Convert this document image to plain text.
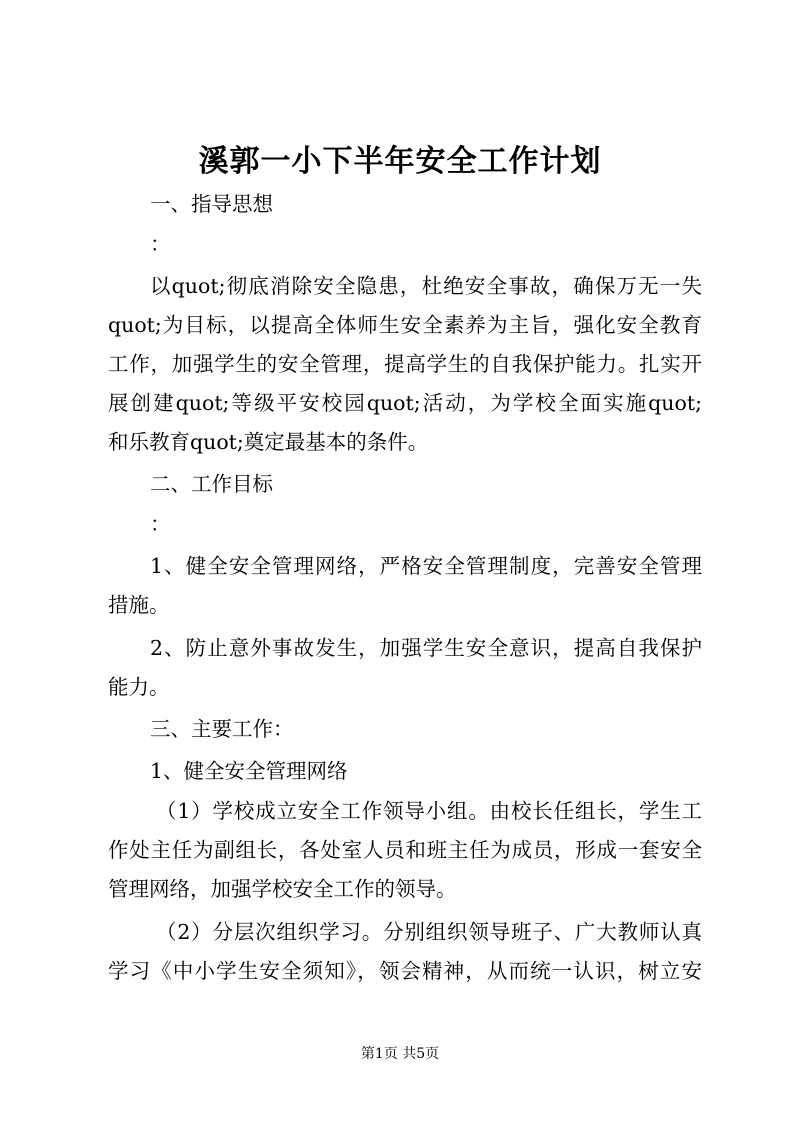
溪郭一小下半年安全工作计划
一、指导思想
：
以quot;彻底消除安全隐患，杜绝安全事故，确保万无一失
quot;为目标，以提高全体师生安全素养为主旨，强化安全教育
工作，加强学生的安全管理，提高学生的自我保护能力。扎实开
展创建quot;等级平安校园quot;活动，为学校全面实施quot;
和乐教育quot;奠定最基本的条件。
二、工作目标
：
1、健全安全管理网络，严格安全管理制度，完善安全管理
措施。
2、防止意外事故发生，加强学生安全意识，提高自我保护
能力。
三、主要工作：
1、健全安全管理网络
（1）学校成立安全工作领导小组。由校长任组长，学生工
作处主任为副组长，各处室人员和班主任为成员，形成一套安全
管理网络，加强学校安全工作的领导。
（2）分层次组织学习。分别组织领导班子、广大教师认真
学习《中小学生安全须知》，领会精神，从而统一认识，树立安
第1页 共5页
